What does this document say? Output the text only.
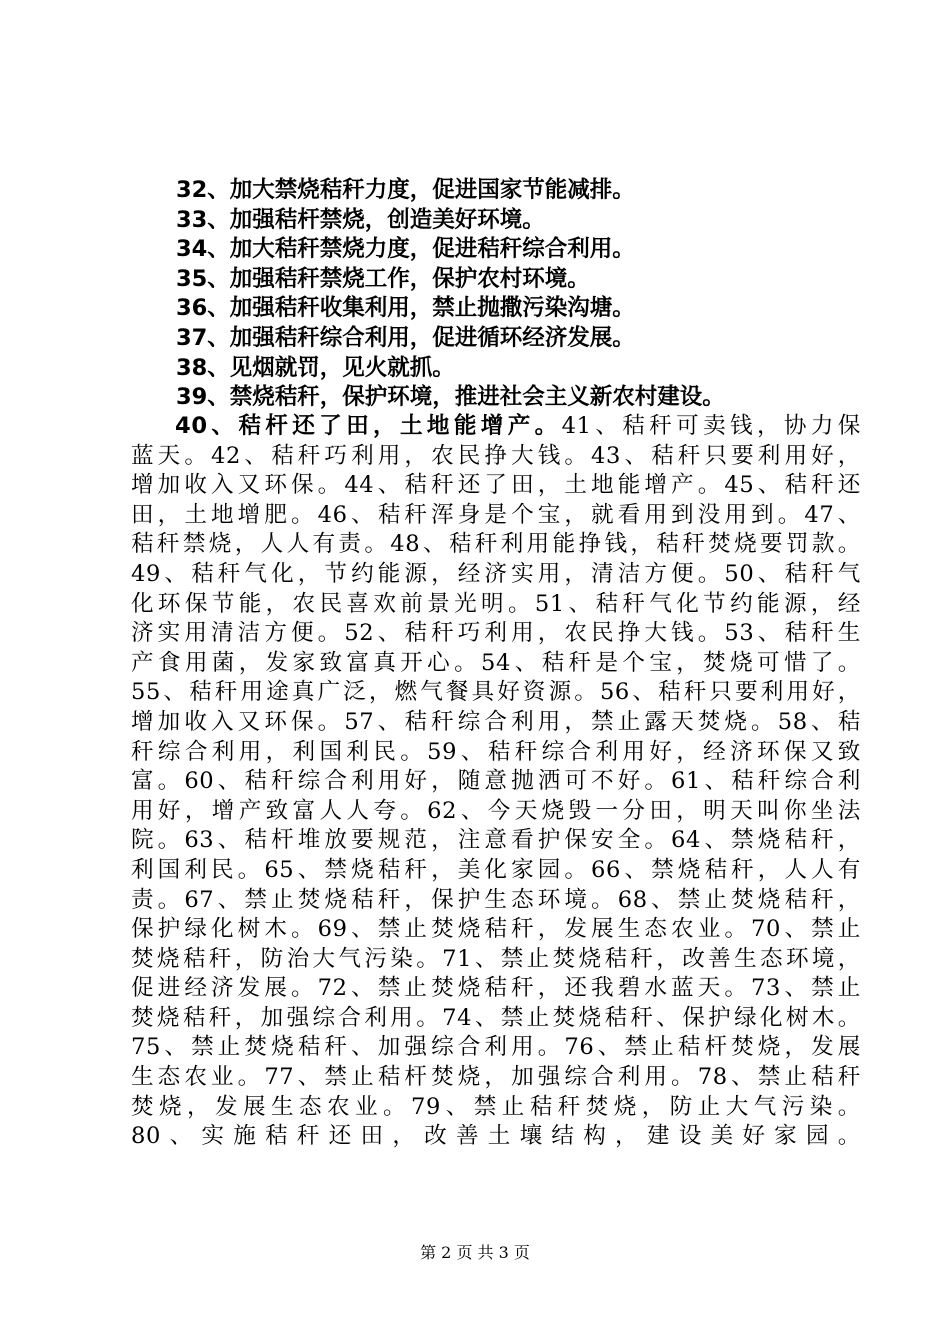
32、加大禁烧秸秆力度，促进国家节能减排。
33、加强秸杆禁烧，创造美好环境。
34、加大秸秆禁烧力度，促进秸秆综合利用。
35、加强秸秆禁烧工作，保护农村环境。
36、加强秸秆收集利用，禁止抛撒污染沟塘。
37、加强秸秆综合利用，促进循环经济发展。
38、见烟就罚，见火就抓。
39、禁烧秸秆，保护环境，推进社会主义新农村建设。
40、秸杆还了田，土地能增产。41、秸秆可卖钱，协力保
蓝天。42、秸秆巧利用，农民挣大钱。43、秸秆只要利用好，
增加收入又环保。44、秸秆还了田，土地能增产。45、秸秆还
田，土地增肥。46、秸秆浑身是个宝，就看用到没用到。47、
秸秆禁烧，人人有责。48、秸秆利用能挣钱，秸秆焚烧要罚款。
49、秸秆气化，节约能源，经济实用，清洁方便。50、秸秆气
化环保节能，农民喜欢前景光明。51、秸秆气化节约能源，经
济实用清洁方便。52、秸秆巧利用，农民挣大钱。53、秸秆生
产食用菌，发家致富真开心。54、秸秆是个宝，焚烧可惜了。
55、秸秆用途真广泛，燃气餐具好资源。56、秸秆只要利用好，
增加收入又环保。57、秸秆综合利用，禁止露天焚烧。58、秸
秆综合利用，利国利民。59、秸秆综合利用好，经济环保又致
富。60、秸秆综合利用好，随意抛洒可不好。61、秸秆综合利
用好，增产致富人人夸。62、今天烧毁一分田，明天叫你坐法
院。63、秸杆堆放要规范，注意看护保安全。64、禁烧秸秆，
利国利民。65、禁烧秸秆，美化家园。66、禁烧秸秆，人人有
责。67、禁止焚烧秸秆，保护生态环境。68、禁止焚烧秸秆，
保护绿化树木。69、禁止焚烧秸秆，发展生态农业。70、禁止
焚烧秸秆，防治大气污染。71、禁止焚烧秸秆，改善生态环境，
促进经济发展。72、禁止焚烧秸秆，还我碧水蓝天。73、禁止
焚烧秸秆，加强综合利用。74、禁止焚烧秸秆、保护绿化树木。
75、禁止焚烧秸秆、加强综合利用。76、禁止秸杆焚烧，发展
生态农业。77、禁止秸杆焚烧，加强综合利用。78、禁止秸秆
焚烧，发展生态农业。79、禁止秸秆焚烧，防止大气污染。
80、实施秸秆还田，改善土壤结构，建设美好家园。
第 2 页 共 3 页
